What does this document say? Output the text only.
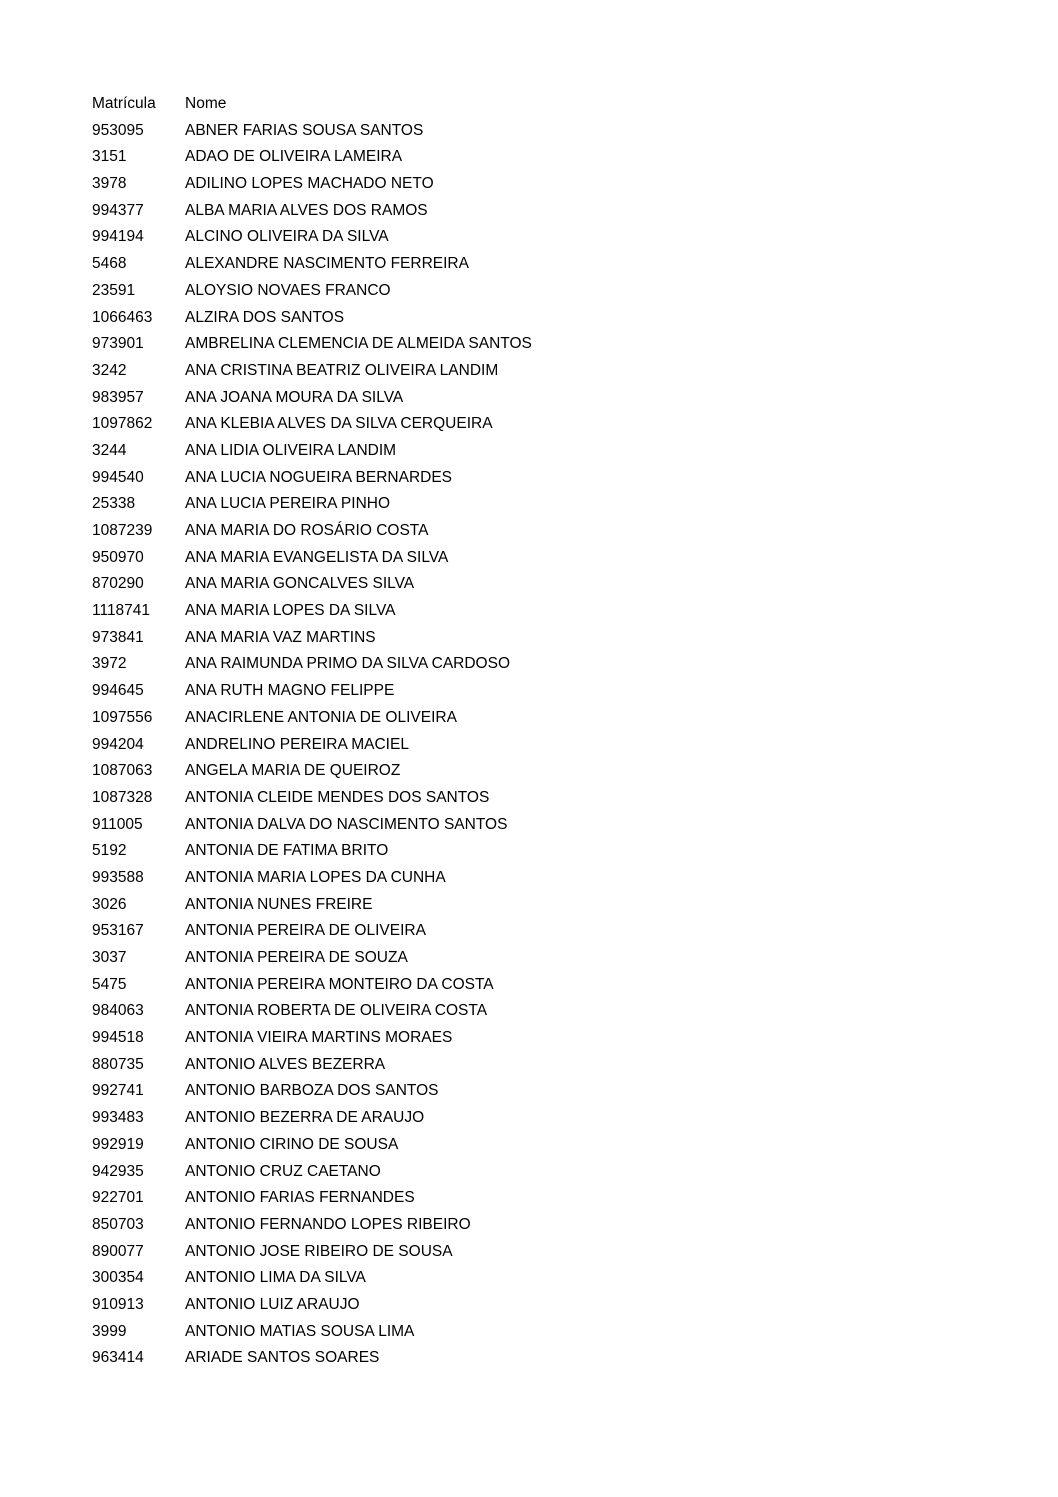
Matrícula	Nome
953095	ABNER FARIAS SOUSA SANTOS
3151	ADAO DE OLIVEIRA LAMEIRA
3978	ADILINO LOPES MACHADO NETO
994377	ALBA MARIA ALVES DOS RAMOS
994194	ALCINO OLIVEIRA DA SILVA
5468	ALEXANDRE NASCIMENTO FERREIRA
23591	ALOYSIO NOVAES FRANCO
1066463	ALZIRA DOS SANTOS
973901	AMBRELINA CLEMENCIA DE ALMEIDA SANTOS
3242	ANA CRISTINA BEATRIZ OLIVEIRA LANDIM
983957	ANA JOANA MOURA DA SILVA
1097862	ANA KLEBIA ALVES DA SILVA CERQUEIRA
3244	ANA LIDIA OLIVEIRA LANDIM
994540	ANA LUCIA NOGUEIRA BERNARDES
25338	ANA LUCIA PEREIRA PINHO
1087239	ANA MARIA DO ROSÁRIO COSTA
950970	ANA MARIA EVANGELISTA DA SILVA
870290	ANA MARIA GONCALVES SILVA
1118741	ANA MARIA LOPES DA SILVA
973841	ANA MARIA VAZ MARTINS
3972	ANA RAIMUNDA PRIMO DA SILVA CARDOSO
994645	ANA RUTH MAGNO FELIPPE
1097556	ANACIRLENE ANTONIA DE OLIVEIRA
994204	ANDRELINO PEREIRA MACIEL
1087063	ANGELA MARIA DE QUEIROZ
1087328	ANTONIA CLEIDE MENDES DOS SANTOS
911005	ANTONIA DALVA DO NASCIMENTO SANTOS
5192	ANTONIA DE FATIMA BRITO
993588	ANTONIA MARIA LOPES DA CUNHA
3026	ANTONIA NUNES FREIRE
953167	ANTONIA PEREIRA DE OLIVEIRA
3037	ANTONIA PEREIRA DE SOUZA
5475	ANTONIA PEREIRA MONTEIRO DA COSTA
984063	ANTONIA ROBERTA DE OLIVEIRA COSTA
994518	ANTONIA VIEIRA MARTINS MORAES
880735	ANTONIO ALVES BEZERRA
992741	ANTONIO BARBOZA DOS SANTOS
993483	ANTONIO BEZERRA DE ARAUJO
992919	ANTONIO CIRINO DE SOUSA
942935	ANTONIO CRUZ CAETANO
922701	ANTONIO FARIAS FERNANDES
850703	ANTONIO FERNANDO LOPES RIBEIRO
890077	ANTONIO JOSE RIBEIRO DE SOUSA
300354	ANTONIO LIMA DA SILVA
910913	ANTONIO LUIZ ARAUJO
3999	ANTONIO MATIAS SOUSA LIMA
963414	ARIADE SANTOS SOARES
